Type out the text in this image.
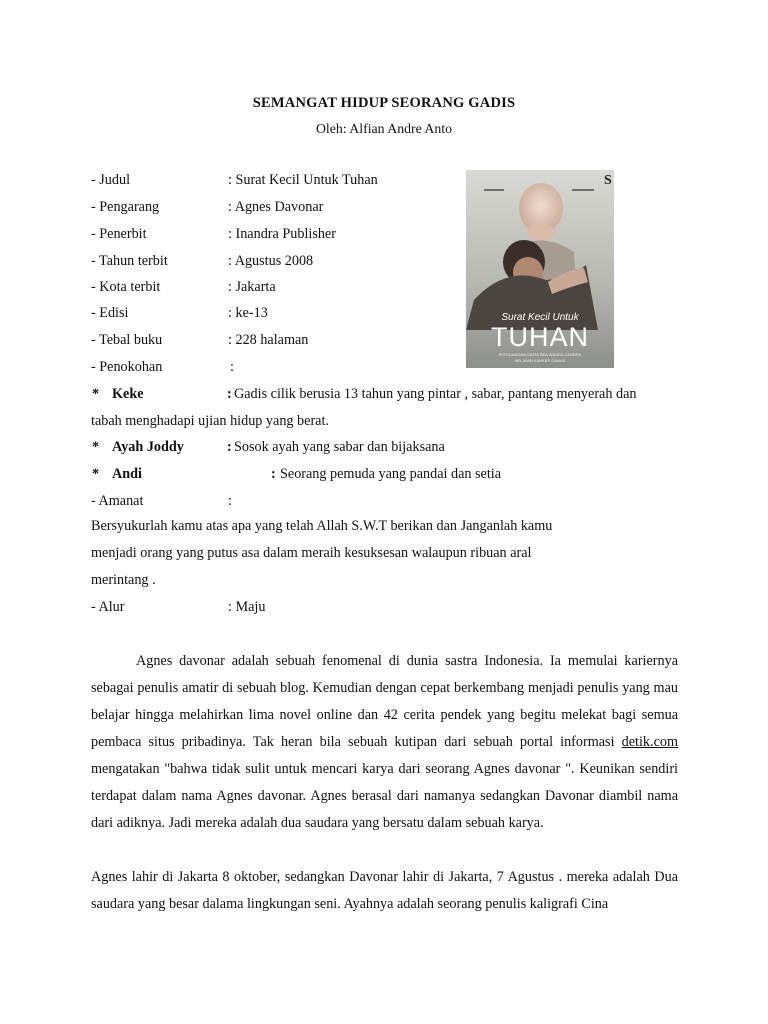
SEMANGAT HIDUP SEORANG GADIS
Oleh: Alfian Andre Anto
- Judul	: Surat Kecil Untuk Tuhan
- Pengarang	: Agnes Davonar
- Penerbit	: Inandra Publisher
- Tahun terbit	: Agustus 2008
- Kota terbit	: Jakarta
- Edisi	: ke-13
- Tebal buku	: 228 halaman
- Penokohan	:
* Keke	: Gadis cilik berusia 13 tahun yang pintar , sabar, pantang menyerah dan
tabah menghadapi ujian hidup yang berat.
* Ayah Joddy	: Sosok ayah yang sabar dan bijaksana
* Andi	: Seorang pemuda yang pandai dan setia
- Amanat	:
Bersyukurlah kamu atas apa yang telah Allah S.W.T berikan dan Janganlah kamu
menjadi orang yang putus asa dalam meraih kesuksesan walaupun ribuan aral
merintang .
- Alur	: Maju
S
Surat Kecil Untuk
TUHAN
PERJUANGAN CINTA SEA WANDA CANDRA
NELAYAN KANKER GANAS

Agnes davonar adalah sebuah fenomenal di dunia sastra Indonesia. Ia memulai kariernya sebagai penulis amatir di sebuah blog. Kemudian dengan cepat berkembang menjadi penulis yang mau belajar hingga melahirkan lima novel online dan 42 cerita pendek yang begitu melekat bagi semua pembaca situs pribadinya. Tak heran bila sebuah kutipan dari sebuah portal informasi detik.com mengatakan "bahwa tidak sulit untuk mencari karya dari seorang Agnes davonar ". Keunikan sendiri terdapat dalam nama Agnes davonar. Agnes berasal dari namanya sedangkan Davonar diambil nama dari adiknya. Jadi mereka adalah dua saudara yang bersatu dalam sebuah karya.

Agnes lahir di Jakarta 8 oktober, sedangkan Davonar lahir di Jakarta, 7 Agustus . mereka adalah Dua saudara yang besar dalama lingkungan seni. Ayahnya adalah seorang penulis kaligrafi Cina
